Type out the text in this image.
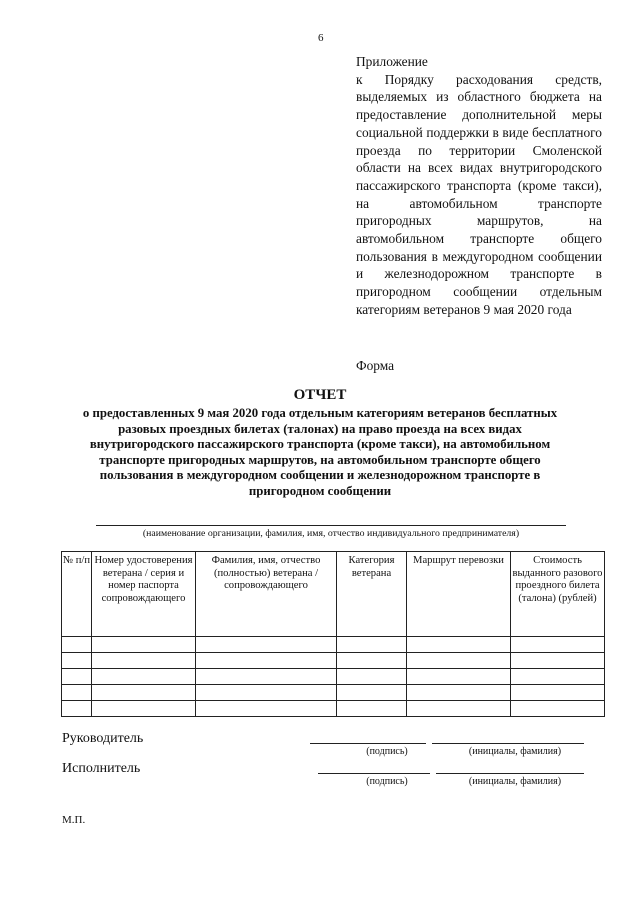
6
Приложение
к Порядку расходования средств, выделяемых из областного бюджета на предоставление дополнительной меры социальной поддержки в виде бесплатного проезда по территории Смоленской области на всех видах внутригородского пассажирского транспорта (кроме такси), на автомобильном транспорте пригородных маршрутов, на автомобильном транспорте общего пользования в междугородном сообщении и железнодорожном транспорте в пригородном сообщении отдельным категориям ветеранов 9 мая 2020 года
Форма
ОТЧЕТ
о предоставленных 9 мая 2020 года отдельным категориям ветеранов бесплатных разовых проездных билетах (талонах) на право проезда на всех видах внутригородского пассажирского транспорта (кроме такси), на автомобильном транспорте пригородных маршрутов, на автомобильном транспорте общего пользования в междугородном сообщении и железнодорожном транспорте в пригородном сообщении
(наименование организации, фамилия, имя, отчество индивидуального предпринимателя)
№ п/п	Номер удостоверения ветерана / серия и номер паспорта сопровождающего	Фамилия, имя, отчество (полностью) ветерана / сопровождающего	Категория ветерана	Маршрут перевозки	Стоимость выданного разового проездного билета (талона) (рублей)

Руководитель
(подпись)	(инициалы, фамилия)
Исполнитель
(подпись)	(инициалы, фамилия)
М.П.
